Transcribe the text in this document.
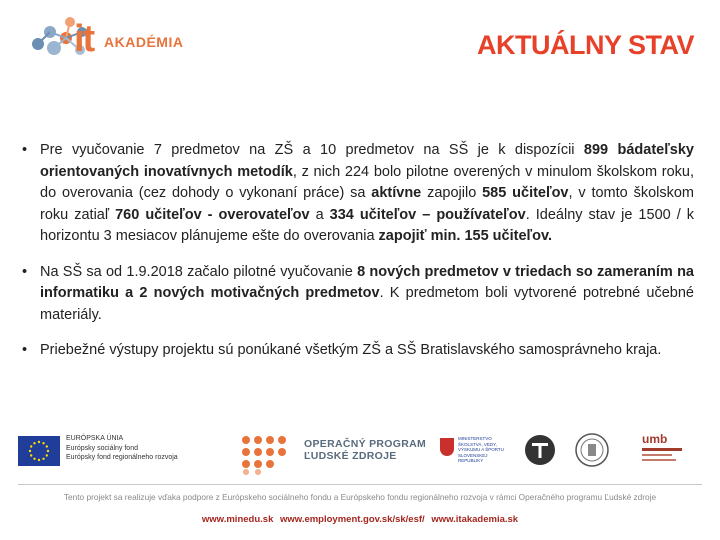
it AKADÉMIA	AKTUÁLNY STAV
• Pre vyučovanie 7 predmetov na ZŠ a 10 predmetov na SŠ je k dispozícii 899 bádateľsky orientovaných inovatívnych metodík, z nich 224 bolo pilotne overených v minulom školskom roku, do overovania (cez dohody o vykonaní práce) sa aktívne zapojilo 585 učiteľov, v tomto školskom roku zatiaľ 760 učiteľov - overovateľov a 334 učiteľov – používateľov. Ideálny stav je 1500 / k horizontu 3 mesiacov plánujeme ešte do overovania zapojiť min. 155 učiteľov.
• Na SŠ sa od 1.9.2018 začalo pilotné vyučovanie 8 nových predmetov v triedach so zameraním na informatiku a 2 nových motivačných predmetov. K predmetom boli vytvorené potrebné učebné materiály.
• Priebežné výstupy projektu sú ponúkané všetkým ZŠ a SŠ Bratislavského samosprávneho kraja.
EURÓPSKA ÚNIA
Európsky sociálny fond
Európsky fond regionálneho rozvoja
OPERAČNÝ PROGRAM
ĽUDSKÉ ZDROJE
MINISTERSTVO
ŠKOLSTVA, VEDY,
VÝSKUMU A ŠPORTU
SLOVENSKEJ REPUBLIKY
umb
Tento projekt sa realizuje vďaka podpore z Európskeho sociálneho fondu a Európskeho fondu regionálneho rozvoja v rámci Operačného programu Ľudské zdroje
www.minedu.sk www.employment.gov.sk/sk/esf/ www.itakademia.sk
